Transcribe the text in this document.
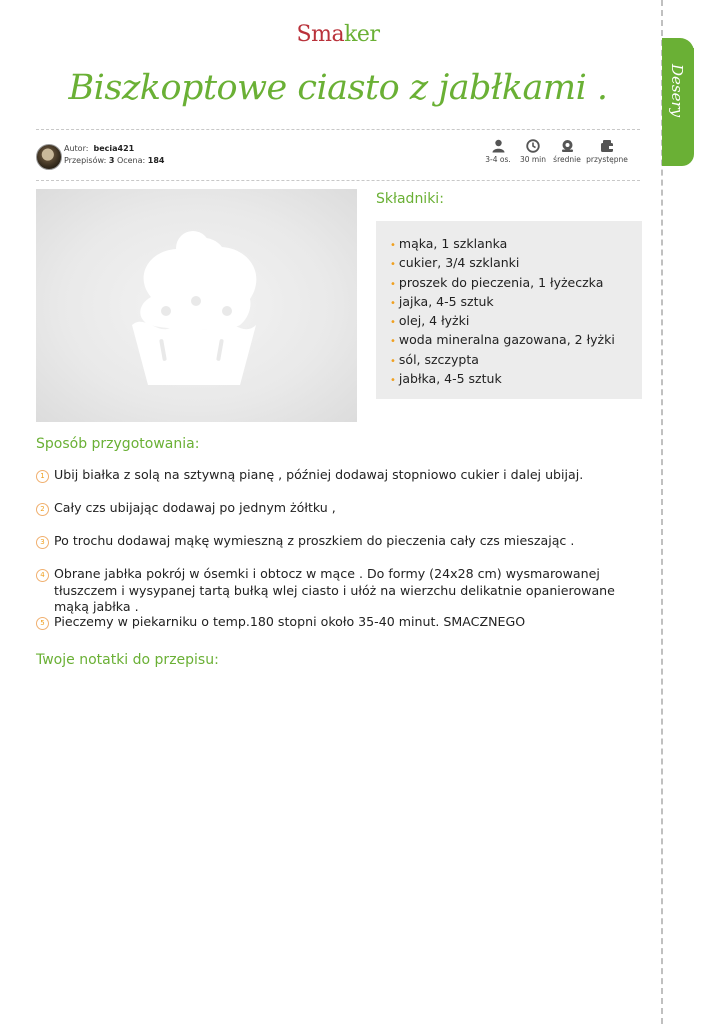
Desery
Smaker
Biszkoptowe ciasto z jabłkami .
Autor: becia421
Przepisów: 3 Ocena: 184	3-4 os.	30 min średnie przystępne
Składniki:
• mąka, 1 szklanka
• cukier, 3/4 szklanki
• proszek do pieczenia, 1 łyżeczka
• jajka, 4-5 sztuk
• olej, 4 łyżki
• woda mineralna gazowana, 2 łyżki
• sól, szczypta
• jabłka, 4-5 sztuk
Sposób przygotowania:
1 Ubij białka z solą na sztywną pianę , później dodawaj stopniowo cukier i dalej ubijaj.
2 Cały czs ubijając dodawaj po jednym żółtku ,
3 Po trochu dodawaj mąkę wymieszną z proszkiem do pieczenia cały czs mieszając .
4 Obrane jabłka pokrój w ósemki i obtocz w mące . Do formy (24x28 cm) wysmarowanej tłuszczem i wysypanej tartą bułką wlej ciasto i ułóż na wierzchu delikatnie opanierowane mąką jabłka .
5 Pieczemy w piekarniku o temp.180 stopni około 35-40 minut. SMACZNEGO
Twoje notatki do przepisu:
